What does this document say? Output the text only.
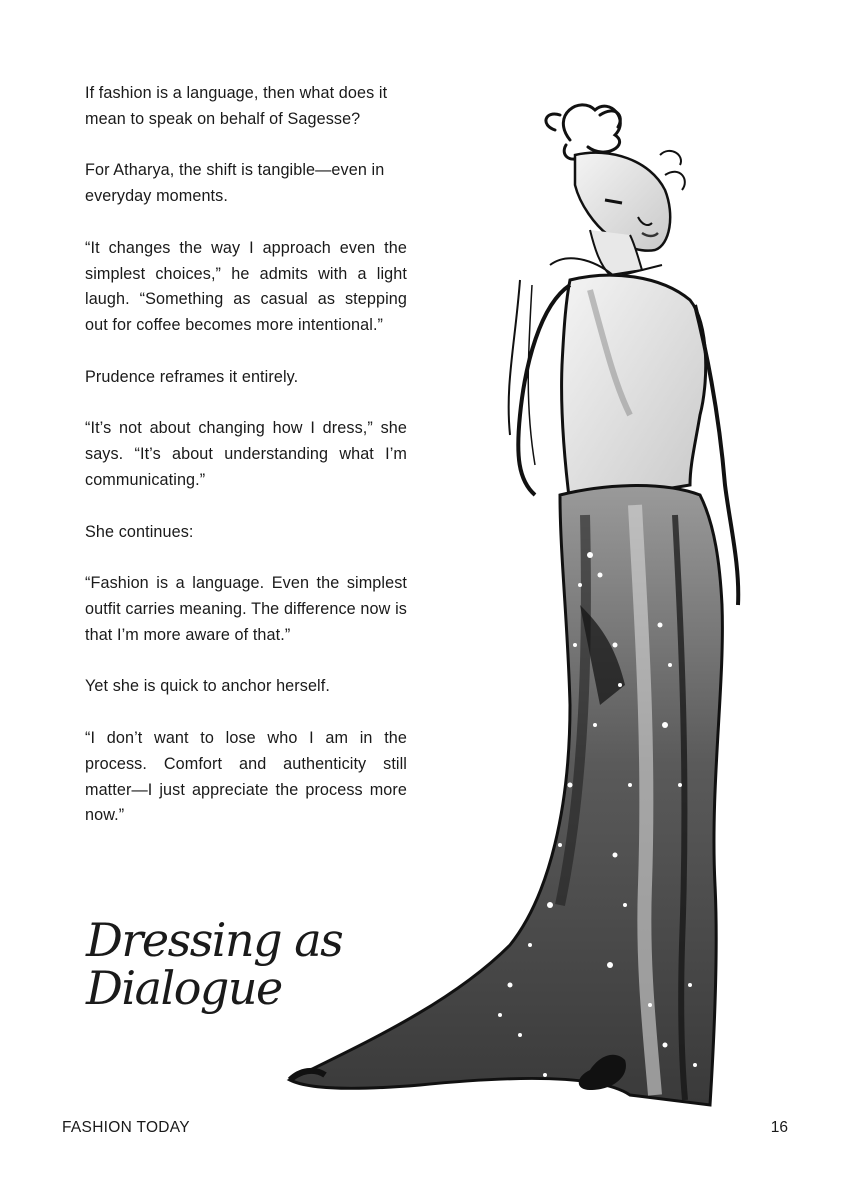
If fashion is a language, then what does it mean to speak on behalf of Sagesse?

For Atharya, the shift is tangible—even in everyday moments.

“It changes the way I approach even the simplest choices,” he admits with a light laugh. “Something as casual as stepping out for coffee becomes more intentional.”

Prudence reframes it entirely.

“It’s not about changing how I dress,” she says. “It’s about understanding what I’m communicating.”

She continues:

“Fashion is a language. Even the simplest outfit carries meaning. The difference now is that I’m more aware of that.”

Yet she is quick to anchor herself.

“I don’t want to lose who I am in the process. Comfort and authenticity still matter—I just appreciate the process more now.”

Dressing as
Dialogue
FASHION TODAY	16
